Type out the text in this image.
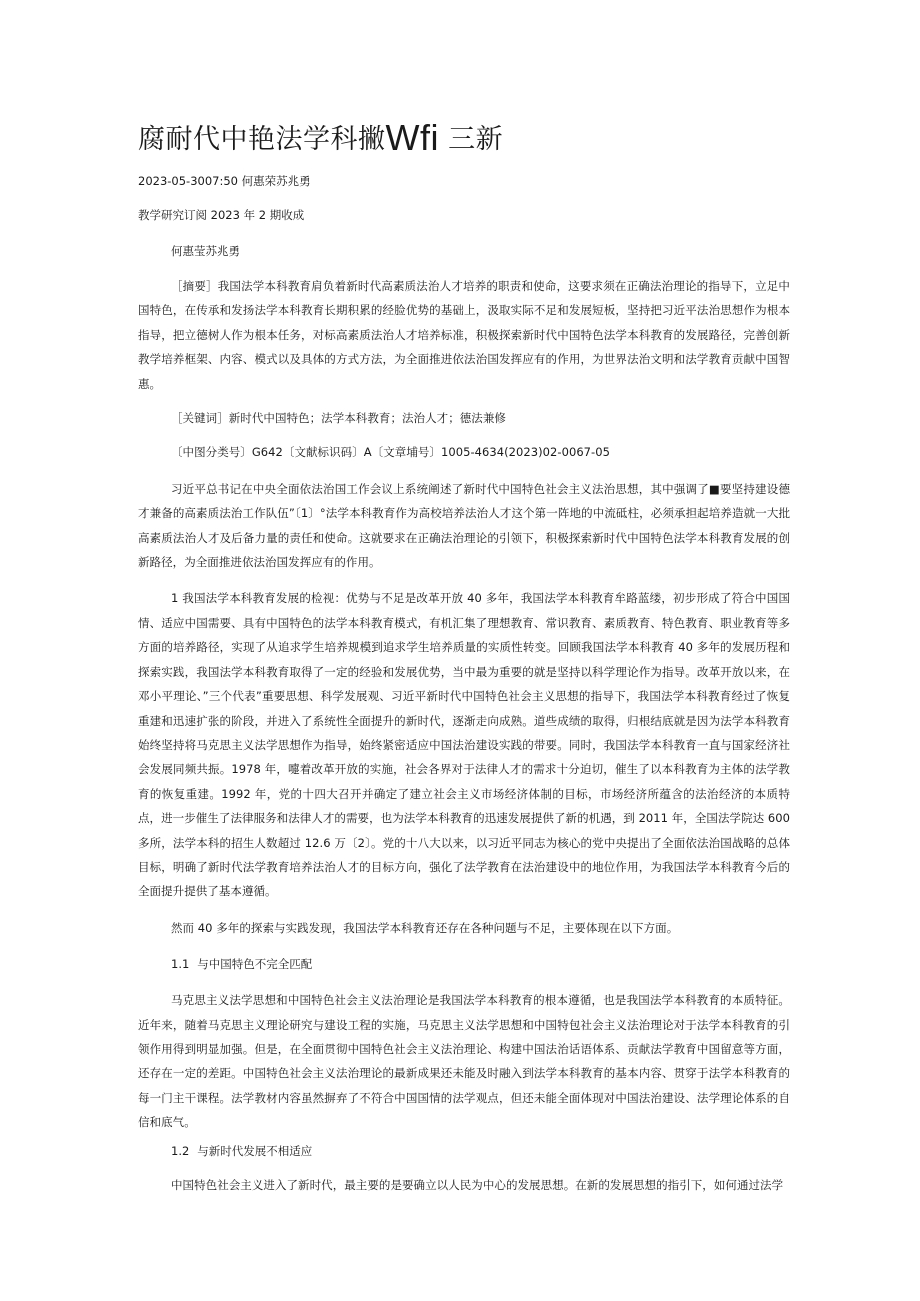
腐耐代中艳法学科撇Wfi 三新
2023-05-3007:50 何惠荣苏兆勇
教学研究订阅 2023 年 2 期收成
何惠莹苏兆勇

［摘要］我国法学本科教育肩负着新时代高素质法治人才培养的职责和使命，这要求须在正确法治理论的指导下，立足中国特色，在传承和发扬法学本科教育长期积累的经脸优势的基础上，汲取实际不足和发展短板，坚持把习近平法治思想作为根本指导，把立德树人作为根本任务，对标高素质法治人才培养标准，积极探索新时代中国特色法学本科教育的发展路径，完善创新教学培养框架、内容、模式以及具体的方式方法，为全面推进依法治国发挥应有的作用，为世界法治文明和法学教育贡献中国智惠。

［关键词］新时代中国特色；法学本科教育；法治人才；德法兼修

〔中图分类号〕G642〔文献标识码〕A〔文章埔号〕1005-4634(2023)02-0067-05

习近平总书记在中央全面依法治国工作会议上系统阐述了新时代中国特色社会主义法治思想，其中强调了■要坚持建设德才兼备的高素质法治工作队伍”〔1〕°法学本科教育作为高校培养法治人才这个第一阵地的中流砥柱，必须承担起培养造就一大批高素质法治人才及后备力量的责任和使命。这就要求在正确法治理论的引领下，积极探索新时代中国特色法学本科教育发展的创新路径，为全面推进依法治国发挥应有的作用。

1 我国法学本科教育发展的检视：优势与不足是改革开放 40 多年，我国法学本科教育牟路蓝缕，初步形成了符合中国国情、适应中国需要、具有中国特色的法学本科教育模式，有机汇集了理想教育、常识教育、素质教育、特色教育、职业教育等多方面的培养路径，实现了从追求学生培养规模到追求学生培养质量的实质性转变。回顾我国法学本科教育 40 多年的发展历程和探索实践，我国法学本科教育取得了一定的经验和发展优势，当中最为重要的就是坚持以科学理论作为指导。改革开放以来，在邓小平理论、”三个代表”重要思想、科学发展观、习近平新时代中国特色社会主义思想的指导下，我国法学本科教育经过了恢复重建和迅速扩张的阶段，并进入了系统性全面提升的新时代，逐渐走向成熟。道些成绩的取得，归根结底就是因为法学本科教育始终坚持将马克思主义法学思想作为指导，始终紧密适应中国法治建设实践的带要。同时，我国法学本科教育一直与国家经济社会发展同频共振。1978 年，嚏着改革开放的实施，社会各界对于法律人才的需求十分迫切，催生了以本科教育为主体的法学教育的恢复重建。1992 年，党的十四大召开并确定了建立社会主义市场经济体制的目标，市场经济所蕴含的法治经济的本质特点，进一步催生了法律服务和法律人才的需要，也为法学本科教育的迅速发展提供了新的机遇，到 2011 年，全国法学院达 600 多所，法学本科的招生人数超过 12.6 万〔2〕。党的十八大以来，以习近平同志为核心的党中央提出了全面依法治国战略的总体目标，明确了新时代法学教育培养法治人才的目标方向，强化了法学教育在法治建设中的地位作用，为我国法学本科教育今后的全面提升提供了基本遵循。

然而 40 多年的探索与实践发现，我国法学本科教育还存在各种问题与不足，主要体现在以下方面。

1.1 与中国特色不完全匹配

马克思主义法学思想和中国特色社会主义法治理论是我国法学本科教育的根本遵循，也是我国法学本科教育的本质特征。近年来，随着马克思主义理论研究与建设工程的实施，马克思主义法学思想和中国特包社会主义法治理论对于法学本科教育的引领作用得到明显加强。但是，在全面贯彻中国特色社会主义法治理论、构建中国法治话语体系、贡献法学教育中国留意等方面，还存在一定的差距。中国特色社会主义法治理论的最新成果还未能及时融入到法学本科教育的基本内容、贯穿于法学本科教育的每一门主干课程。法学教材内容虽然摒弃了不符合中国国情的法学观点，但还未能全面体现对中国法治建设、法学理论体系的自信和底气。

1.2 与新时代发展不相适应

中国特色社会主义进入了新时代，最主要的是要确立以人民为中心的发展思想。在新的发展思想的指引下，如何通过法学
